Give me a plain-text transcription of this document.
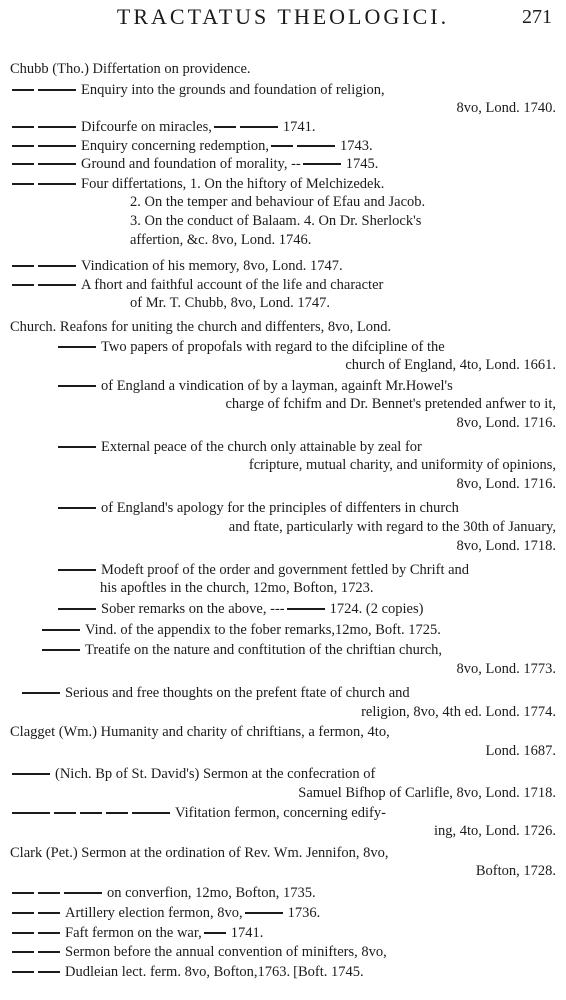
TRACTATUS THEOLOGICI.	271
Chubb (Tho.) Differtation on providence.
Enquiry into the grounds and foundation of religion,
8vo, Lond. 1740.
Difcourfe on miracles,	1741.
Enquiry concerning redemption,	1743.
Ground and foundation of morality, --	1745.
Four differtations, 1. On the hiftory of Melchizedek.
2. On the temper and behaviour of Efau and Jacob.
3. On the conduct of Balaam. 4. On Dr. Sherlock's
affertion, &c. 8vo, Lond. 1746.
Vindication of his memory, 8vo, Lond. 1747.
A fhort and faithful account of the life and character
of Mr. T. Chubb, 8vo, Lond. 1747.
Church. Reafons for uniting the church and diffenters, 8vo, Lond.
Two papers of propofals with regard to the difcipline of the
church of England, 4to, Lond. 1661.
of England a vindication of by a layman, againft Mr.Howel's
charge of fchifm and Dr. Bennet's pretended anfwer to it,
8vo, Lond. 1716.
External peace of the church only attainable by zeal for
fcripture, mutual charity, and uniformity of opinions,
8vo, Lond. 1716.
of England's apology for the principles of diffenters in church
and ftate, particularly with regard to the 30th of January,
8vo, Lond. 1718.
Modeft proof of the order and government fettled by Chrift and
his apoftles in the church, 12mo, Bofton, 1723.
Sober remarks on the above, ---	1724. (2 copies)
Vind. of the appendix to the fober remarks,12mo, Boft. 1725.
Treatife on the nature and conftitution of the chriftian church,
8vo, Lond. 1773.
Serious and free thoughts on the prefent ftate of church and
religion, 8vo, 4th ed. Lond. 1774.
Clagget (Wm.) Humanity and charity of chriftians, a fermon, 4to,
Lond. 1687.
(Nich. Bp of St. David's) Sermon at the confecration of
Samuel Bifhop of Carlifle, 8vo, Lond. 1718.
Vifitation fermon, concerning edify-
ing, 4to, Lond. 1726.
Clark (Pet.) Sermon at the ordination of Rev. Wm. Jennifon, 8vo,
Bofton, 1728.
on converfion, 12mo, Bofton, 1735.
Artillery election fermon, 8vo,	1736.
Faft fermon on the war, 1741.
Sermon before the annual convention of minifters, 8vo,
Dudleian lect. ferm. 8vo, Bofton,1763. [Boft. 1745.
